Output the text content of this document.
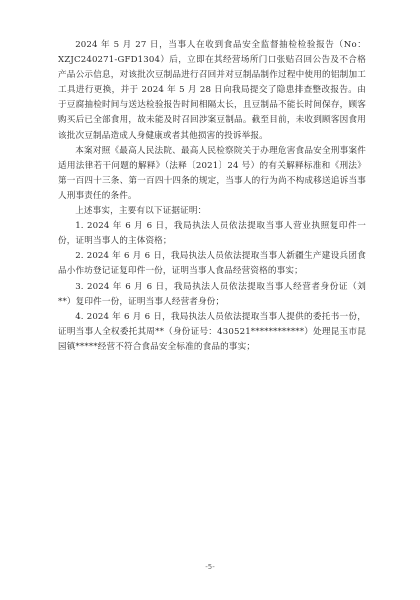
2024 年 5 月 27 日，当事人在收到食品安全监督抽检检验报告（No：XZJC240271-GFD1304）后，立即在其经营场所门口张贴召回公告及不合格产品公示信息，对该批次豆制品进行召回并对豆制品制作过程中使用的铝制加工工具进行更换，并于 2024 年 5 月 28 日向我局提交了隐患排查整改报告。由于豆腐抽检时间与送达检验报告时间相隔太长，且豆制品不能长时间保存，顾客购买后已全部食用，故未能及时召回涉案豆制品。截至目前，未收到顾客因食用该批次豆制品造成人身健康或者其他损害的投诉举报。

本案对照《最高人民法院、最高人民检察院关于办理危害食品安全刑事案件适用法律若干问题的解释》（法释〔2021〕24 号）的有关解释标准和《刑法》第一百四十三条、第一百四十四条的规定，当事人的行为尚不构成移送追诉当事人刑事责任的条件。

上述事实，主要有以下证据证明：

1. 2024 年 6 月 6 日，我局执法人员依法提取当事人营业执照复印件一份，证明当事人的主体资格；

2. 2024 年 6 月 6 日，我局执法人员依法提取当事人新疆生产建设兵团食品小作坊登记证复印件一份，证明当事人食品经营资格的事实；

3. 2024 年 6 月 6 日，我局执法人员依法提取当事人经营者身份证（刘**）复印件一份，证明当事人经营者身份；

4. 2024 年 6 月 6 日，我局执法人员依法提取当事人提供的委托书一份，证明当事人全权委托其周**（身份证号：430521************）处理昆玉市昆园镇*****经营不符合食品安全标准的食品的事实；

-5-
